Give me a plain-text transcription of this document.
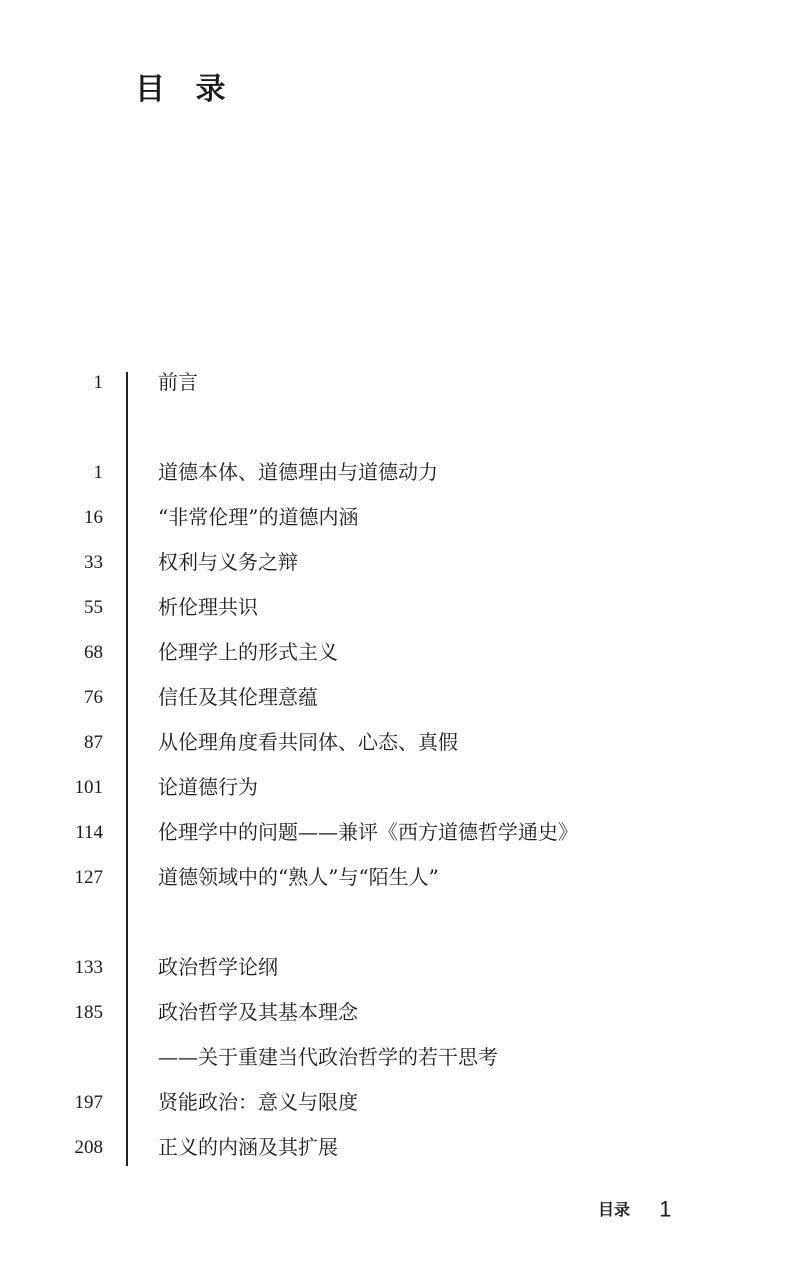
目 录
1	前言
1	道德本体、道德理由与道德动力
16	“非常伦理”的道德内涵
33	权利与义务之辩
55	析伦理共识
68	伦理学上的形式主义
76	信任及其伦理意蕴
87	从伦理角度看共同体、心态、真假
101	论道德行为
114	伦理学中的问题——兼评《西方道德哲学通史》
127	道德领域中的“熟人”与“陌生人”
133	政治哲学论纲
185	政治哲学及其基本理念
——关于重建当代政治哲学的若干思考
197	贤能政治：意义与限度
208	正义的内涵及其扩展
目录 1
